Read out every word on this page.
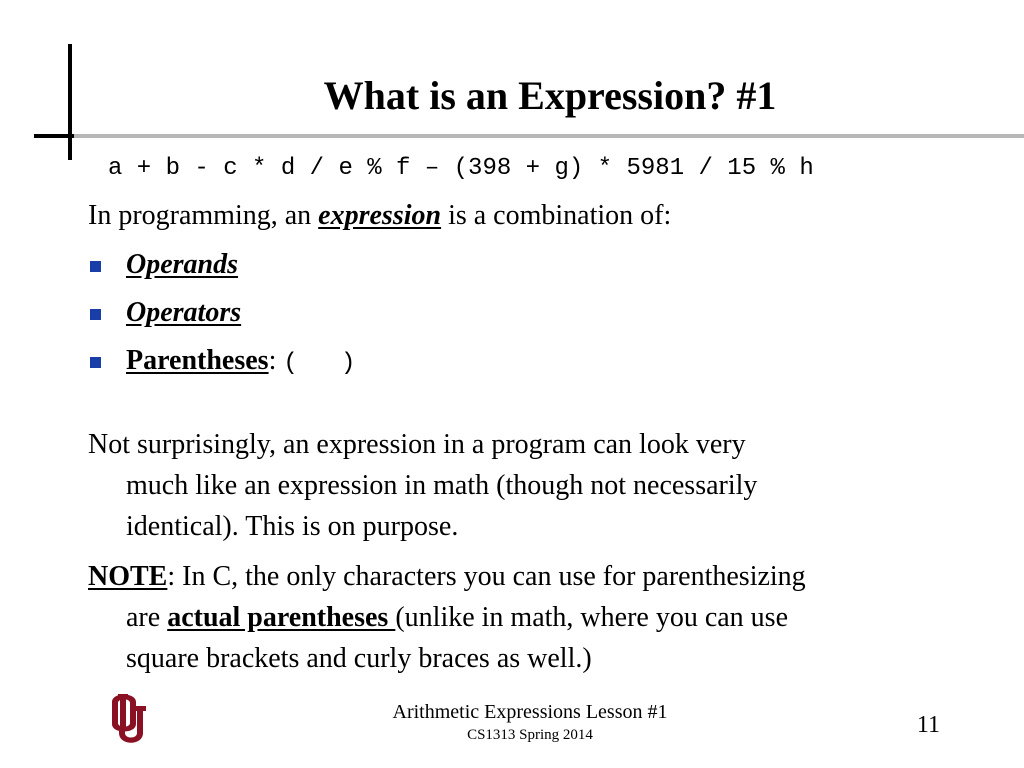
What is an Expression? #1
a + b - c * d / e % f – (398 + g) * 5981 / 15 % h
In programming, an expression is a combination of:
Operands
Operators
Parentheses: (   )
Not surprisingly, an expression in a program can look very
much like an expression in math (though not necessarily
identical). This is on purpose.
NOTE: In C, the only characters you can use for parenthesizing
are actual parentheses (unlike in math, where you can use
square brackets and curly braces as well.)
Arithmetic Expressions Lesson #1
CS1313 Spring 2014	11
